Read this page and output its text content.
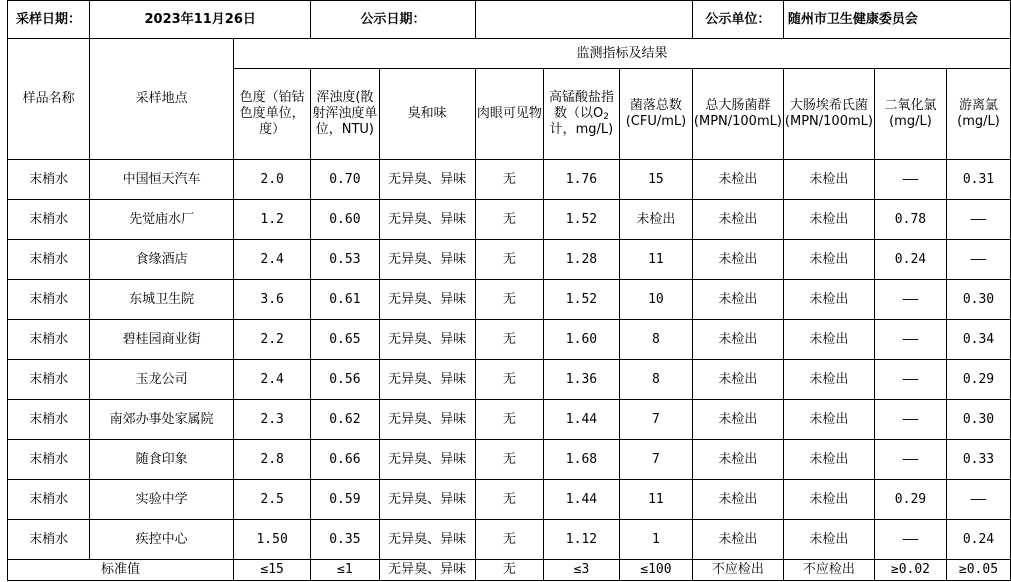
采样日期：	2023年11月26日		公示日期：					公示单位：	随州市卫生健康委员会		
样品名称	采样地点	监测指标及结果									
		色度（铂钴色度单位，度）	浑浊度(散射浑浊度单位，NTU)	臭和味	肉眼可见物	高锰酸盐指数（以$O_2$计，mg/L)	菌落总数(CFU/mL)	总大肠菌群(MPN/100mL)	大肠埃希氏菌(MPN/100mL)	二氧化氯(mg/L)	游离氯(mg/L)
末梢水	中国恒天汽车	2.0	0.70	无异臭、异味	无	1.76	15	未检出	未检出	——	0.31
末梢水	先觉庙水厂	1.2	0.60	无异臭、异味	无	1.52	未检出	未检出	未检出	0.78	——
末梢水	食缘酒店	2.4	0.53	无异臭、异味	无	1.28	11	未检出	未检出	0.24	——
末梢水	东城卫生院	3.6	0.61	无异臭、异味	无	1.52	10	未检出	未检出	——	0.30
末梢水	碧桂园商业街	2.2	0.65	无异臭、异味	无	1.60	8	未检出	未检出	——	0.34
末梢水	玉龙公司	2.4	0.56	无异臭、异味	无	1.36	8	未检出	未检出	——	0.29
末梢水	南郊办事处家属院	2.3	0.62	无异臭、异味	无	1.44	7	未检出	未检出	——	0.30
末梢水	随食印象	2.8	0.66	无异臭、异味	无	1.68	7	未检出	未检出	——	0.33
末梢水	实验中学	2.5	0.59	无异臭、异味	无	1.44	11	未检出	未检出	0.29	——
末梢水	疾控中心	1.50	0.35	无异臭、异味	无	1.12	1	未检出	未检出	——	0.24
标准值		≤15	≤1	无异臭、异味	无	≤3	≤100	不应检出	不应检出	≥0.02	≥0.05
